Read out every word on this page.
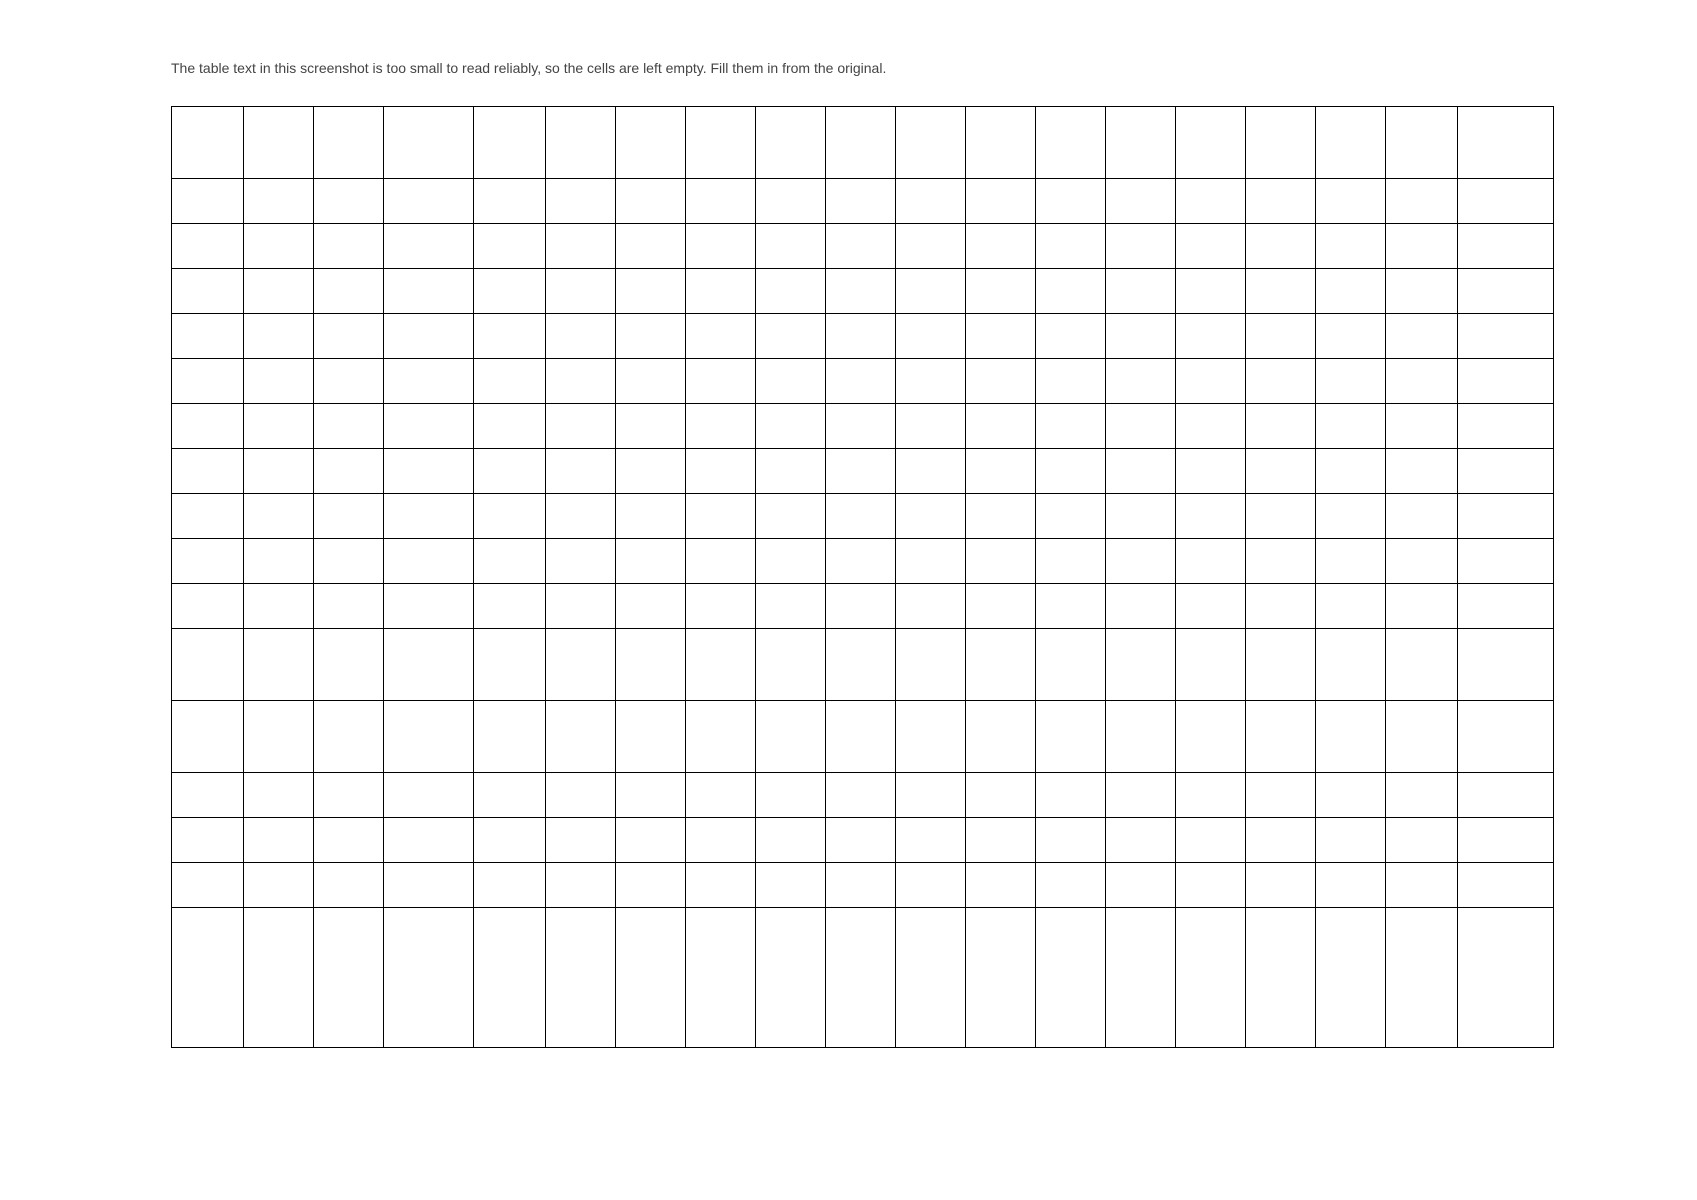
The table text in this screenshot is too small to read reliably, so the cells are left empty. Fill them in from the original.
